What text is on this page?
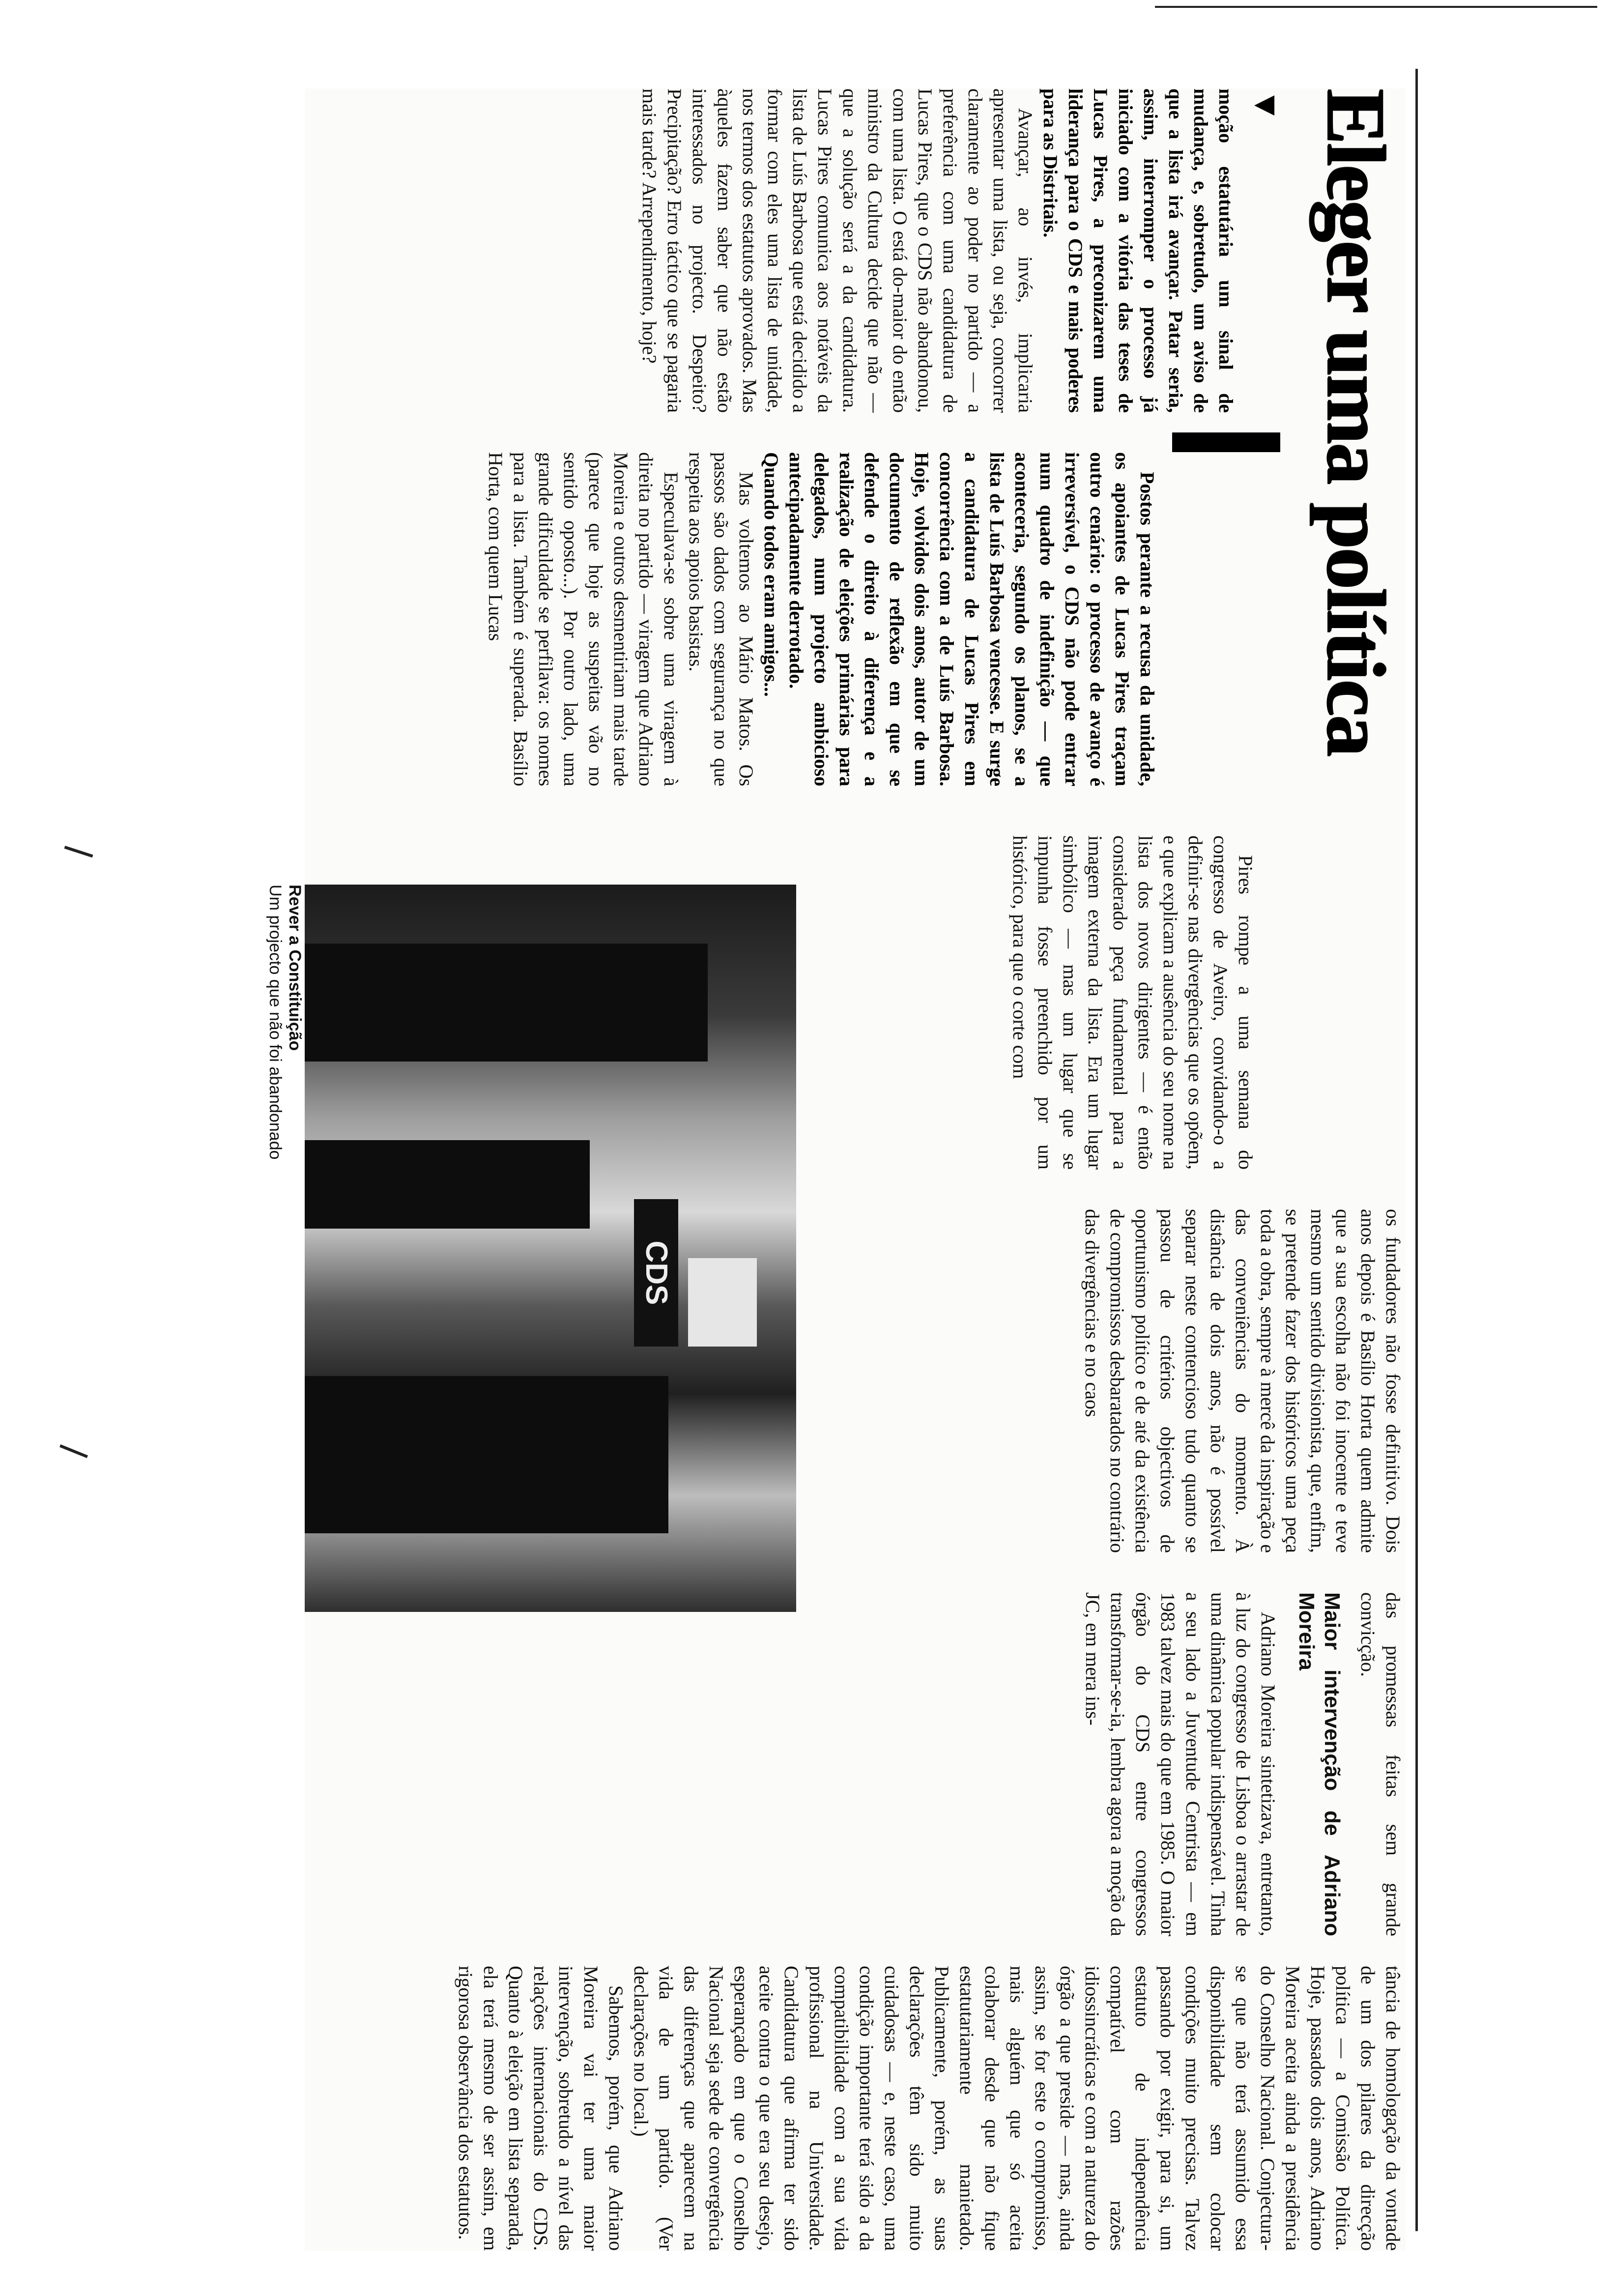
Eleger uma política
▼

moção estatutária um sinal de mudança, e, sobretudo, um aviso de que a lista irá avançar. Patar seria, assim, interromper o processo já iniciado com a vitória das teses de Lucas Pires, a preconizarem uma liderança para o CDS e mais poderes para as Distritais.

Avançar, ao invés, implicaria apresentar uma lista, ou seja, concorrer claramente ao poder no partido — a preferência com uma candidatura de Lucas Pires, que o CDS não abandonou, com uma lista. O está do-maior do então ministro da Cultura decide que não — que a solução será a da candidatura. Lucas Pires comunica aos notáveis da lista de Luís Barbosa que está decidido a formar com eles uma lista de unidade, nos termos dos estatutos aprovados. Mas àqueles fazem saber que não estão interessados no projecto. Despeito? Precipitação? Erro táctico que se pagaria mais tarde? Arrependimento, hoje?

Postos perante a recusa da unidade, os apoiantes de Lucas Pires traçam outro cenário: o processo de avanço é irreversível, o CDS não pode entrar num quadro de indefinição — que aconteceria, segundo os planos, se a lista de Luís Barbosa vencesse. E surge a candidatura de Lucas Pires em concorrência com a de Luís Barbosa. Hoje, volvidos dois anos, autor de um documento de reflexão em que se defende o direito à diferença e a realização de eleições primárias para delegados, num projecto ambicioso antecipadamente derrotado.

Quando todos eram amigos...

Mas voltemos ao Mário Matos. Os passos são dados com segurança no que respeita aos apoios basistas.

Especulava-se sobre uma viragem à direita no partido — viragem que Adriano Moreira e outros desmentiriam mais tarde (parece que hoje as suspeitas vão no sentido oposto...). Por outro lado, uma grande dificuldade se perfilava: os nomes para a lista. Também é superada. Basílio Horta, com quem Lucas

Pires rompe a uma semana do congresso de Aveiro, convidando-o a definir-se nas divergências que os opõem, e que explicam a ausência do seu nome na lista dos novos dirigentes — é então considerado peça fundamental para a imagem externa da lista. Era um lugar simbólico — mas um lugar que se impunha fosse preenchido por um histórico, para que o corte com

os fundadores não fosse definitivo. Dois anos depois é Basílio Horta quem admite que a sua escolha não foi inocente e teve mesmo um sentido divisionista, que, enfim, se pretende fazer dos históricos uma peça toda a obra, sempre à mercê da inspiração e das conveniências do momento. À distância de dois anos, não é possível separar neste contencioso tudo quanto se passou de critérios objectivos de oportunismo político e de até da existência de compromissos desbaratados no contrário das divergências e no caos

das promessas feitas sem grande convicção.

Maior intervenção de Adriano Moreira

Adriano Moreira sintetizava, entretanto, à luz do congresso de Lisboa o arrastar de uma dinâmica popular indispensável. Tinha a seu lado a Juventude Centrista — em 1983 talvez mais do que em 1985. O maior órgão do CDS entre congressos transformar-se-ia, lembra agora a moção da JC, em mera ins-

tância de homologação da vontade de um dos pilares da direcção política — a Comissão Política. Hoje, passados dois anos, Adriano Moreira aceita ainda a presidência do Conselho Nacional. Conjectura-se que não terá assumido essa disponibilidade sem colocar condições muito precisas. Talvez passando por exigir, para si, um estatuto de independência compatível com razões idiossincráticas e com a natureza do órgão a que preside — mas, ainda assim, se for este o compromisso, mais alguém que só aceita colaborar desde que não fique estatutariamente manietado. Publicamente, porém, as suas declarações têm sido muito cuidadosas — e, neste caso, uma condição importante terá sido a da compatibilidade com a sua vida profissional na Universidade. Candidatura que afirma ter sido aceite contra o que era seu desejo, esperançado em que o Conselho Nacional seja sede de convergência das diferenças que aparecem na vida de um partido. (Ver declarações no local.)

Sabemos, porém, que Adriano Moreira vai ter uma maior intervenção, sobretudo a nível das relações internacionais do CDS. Quanto à eleição em lista separada, ela terá mesmo de ser assim, em rigorosa observância dos estatutos.

CDS
Rever a Constituição
Um projecto que não foi abandonado
